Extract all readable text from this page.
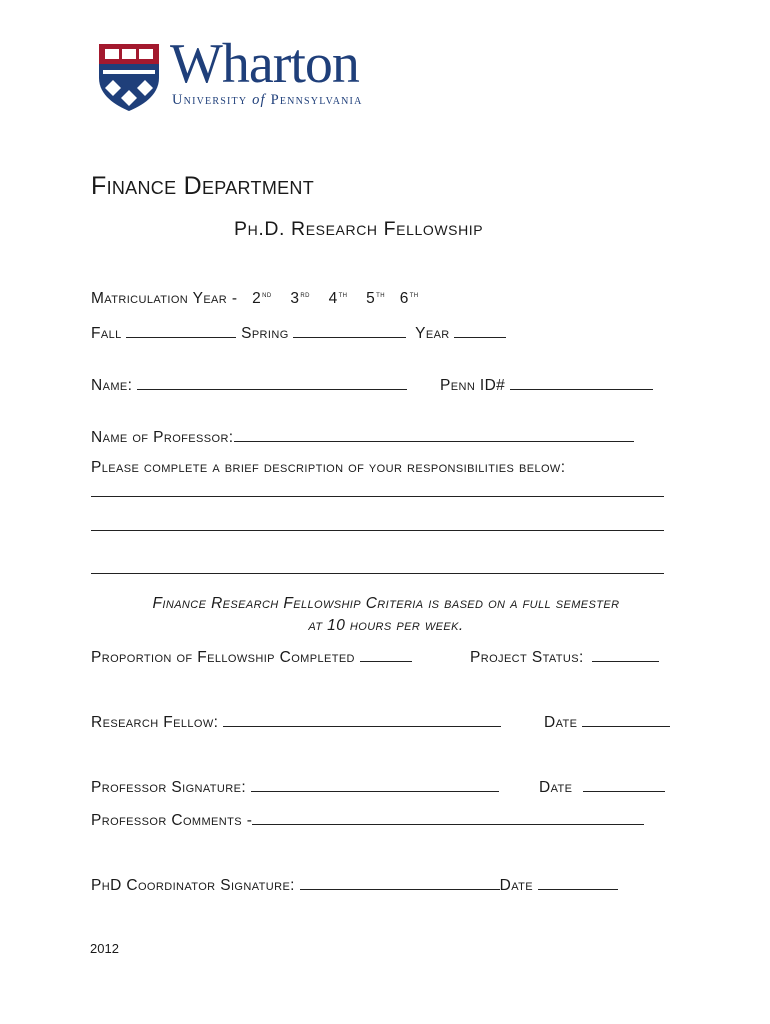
Wharton
University of Pennsylvania
Finance Department
Ph.D. Research Fellowship
Matriculation Year - 2nd 3rd 4th 5th 6th
Fall	Spring	Year
Name:	Penn ID#
Name of Professor:
Please complete a brief description of your responsibilities below:
Finance Research Fellowship Criteria is based on a full semester
at 10 hours per week.
Proportion of Fellowship Completed	Project Status:
Research Fellow:	Date
Professor Signature:	Date
Professor Comments -
PhD Coordinator Signature:	Date
2012
